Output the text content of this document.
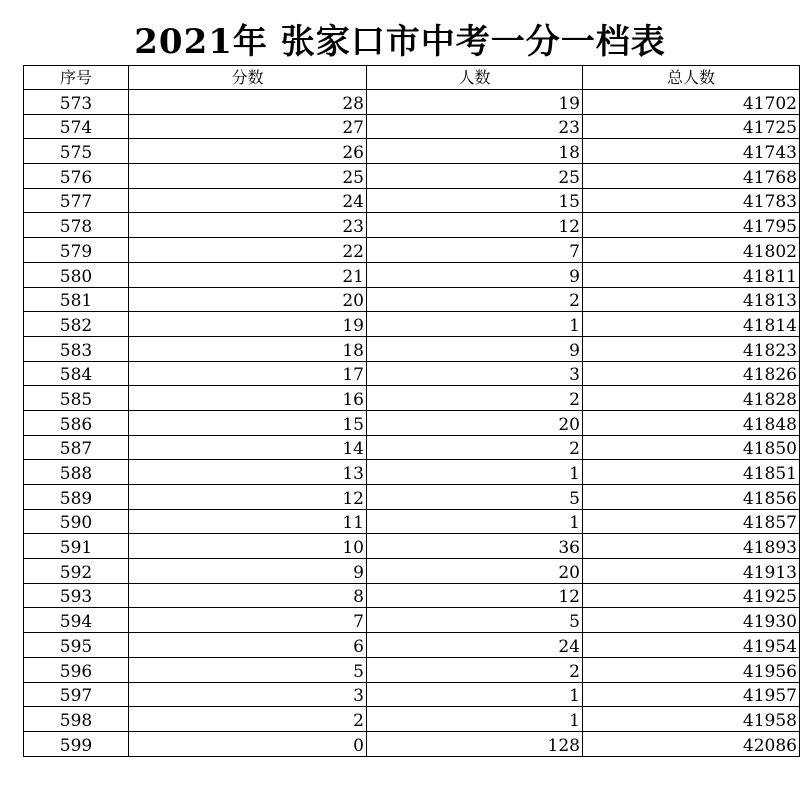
2021年 张家口市中考一分一档表
序号	分数	人数	总人数
573	28	19	41702
574	27	23	41725
575	26	18	41743
576	25	25	41768
577	24	15	41783
578	23	12	41795
579	22	7	41802
580	21	9	41811
581	20	2	41813
582	19	1	41814
583	18	9	41823
584	17	3	41826
585	16	2	41828
586	15	20	41848
587	14	2	41850
588	13	1	41851
589	12	5	41856
590	11	1	41857
591	10	36	41893
592	9	20	41913
593	8	12	41925
594	7	5	41930
595	6	24	41954
596	5	2	41956
597	3	1	41957
598	2	1	41958
599	0	128	42086
